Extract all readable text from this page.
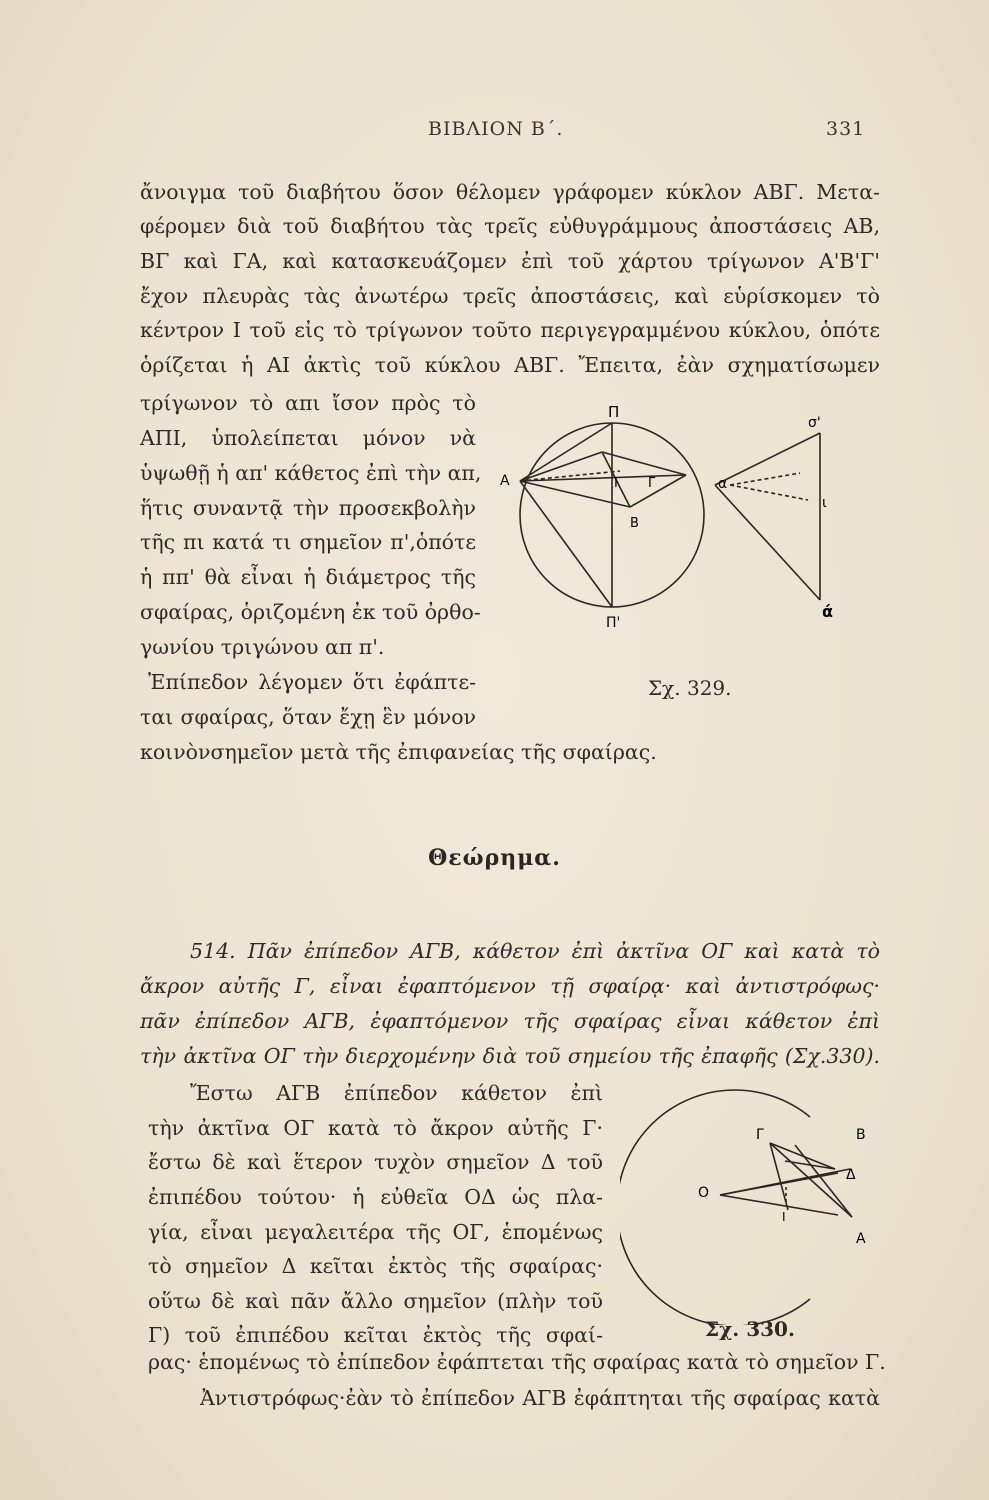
ΒΙΒΛΙΟΝ Β΄.	331
ἄνοιγμα τοῦ διαβήτου ὅσον θέλομεν γράφομεν κύκλον ΑΒΓ. Μετα-
φέρομεν διὰ τοῦ διαβήτου τὰς τρεῖς εὐθυγράμμους ἀποστάσεις ΑΒ,
ΒΓ καὶ ΓΑ, καὶ κατασκευάζομεν ἐπὶ τοῦ χάρτου τρίγωνον Α'Β'Γ'
ἔχον πλευρὰς τὰς ἀνωτέρω τρεῖς ἀποστάσεις, καὶ εὑρίσκομεν τὸ
κέντρον Ι τοῦ εἰς τὸ τρίγωνον τοῦτο περιγεγραμμένου κύκλου, ὁπότε
ὁρίζεται ἡ ΑΙ ἀκτὶς τοῦ κύκλου ΑΒΓ. Ἔπειτα, ἐὰν σχηματίσωμεν
τρίγωνον τὸ απι ἴσον πρὸς τὸ
ΑΠΙ, ὑπολείπεται μόνον νὰ
ὑψωθῇ ἡ απ' κάθετος ἐπὶ τὴν απ,
ἥτις συναντᾷ τὴν προσεκβολὴν
τῆς πι κατά τι σημεῖον π',ὁπότε
ἡ ππ' θὰ εἶναι ἡ διάμετρος τῆς
σφαίρας, ὁριζομένη ἐκ τοῦ ὀρθο-
γωνίου τριγώνου απ π'.
Ἐπίπεδον λέγομεν ὅτι ἐφάπτε-
ται σφαίρας, ὅταν ἔχῃ ἓν μόνον
κοινὸνσημεῖον μετὰ τῆς ἐπιφανείας τῆς σφαίρας.
Π
Α	Ι Γ
Β
Π'
α
σ'
ι
ά
Σχ. 329.
Θεώρημα.
514. Πᾶν ἐπίπεδον ΑΓΒ, κάθετον ἐπὶ ἀκτῖνα ΟΓ καὶ κατὰ τὸ
ἄκρον αὐτῆς Γ, εἶναι ἐφαπτόμενον τῇ σφαίρᾳ· καὶ ἀντιστρόφως·
πᾶν ἐπίπεδον ΑΓΒ, ἐφαπτόμενον τῆς σφαίρας εἶναι κάθετον ἐπὶ
τὴν ἀκτῖνα ΟΓ τὴν διερχομένην διὰ τοῦ σημείου τῆς ἐπαφῆς (Σχ.330).
Ἔστω ΑΓΒ ἐπίπεδον κάθετον ἐπὶ
τὴν ἀκτῖνα ΟΓ κατὰ τὸ ἄκρον αὐτῆς Γ·
ἔστω δὲ καὶ ἕτερον τυχὸν σημεῖον Δ τοῦ
ἐπιπέδου τούτου· ἡ εὐθεῖα ΟΔ ὡς πλα-
γία, εἶναι μεγαλειτέρα τῆς ΟΓ, ἑπομένως
τὸ σημεῖον Δ κεῖται ἐκτὸς τῆς σφαίρας·
οὕτω δὲ καὶ πᾶν ἄλλο σημεῖον (πλὴν τοῦ
Γ) τοῦ ἐπιπέδου κεῖται ἐκτὸς τῆς σφαί-
ρας· ἑπομένως τὸ ἐπίπεδον ἐφάπτεται τῆς σφαίρας κατὰ τὸ σημεῖον Γ.
Ἀντιστρόφως·ἐὰν τὸ ἐπίπεδον ΑΓΒ ἐφάπτηται τῆς σφαίρας κατὰ
Γ	Β
Δ
Ο
Α
Ι
Σχ. 330.
